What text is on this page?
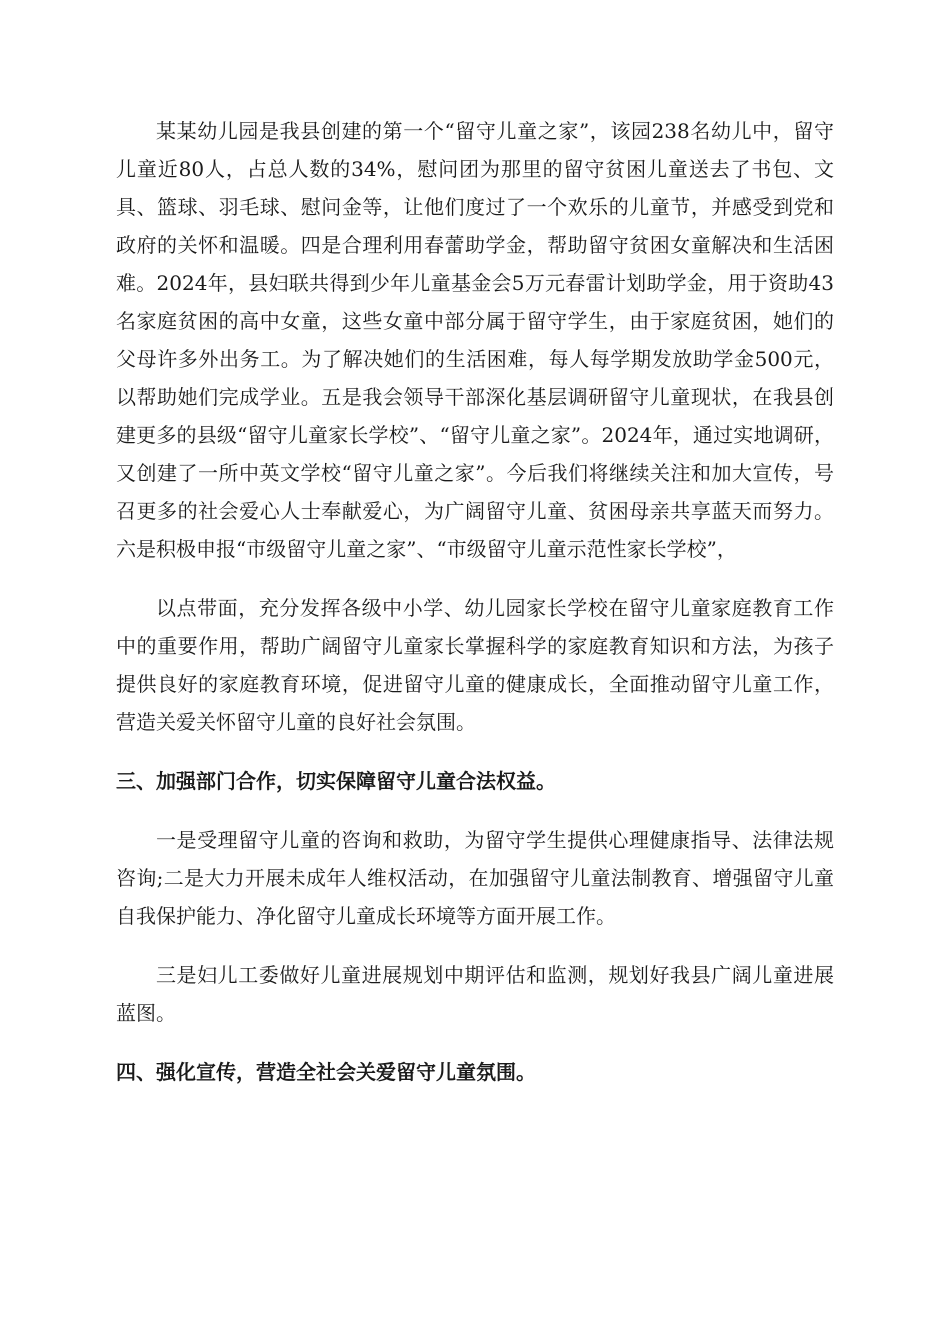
某某幼儿园是我县创建的第一个“留守儿童之家”，该园238名幼儿中，留守儿童近80人，占总人数的34%，慰问团为那里的留守贫困儿童送去了书包、文具、篮球、羽毛球、慰问金等，让他们度过了一个欢乐的儿童节，并感受到党和政府的关怀和温暖。四是合理利用春蕾助学金，帮助留守贫困女童解决和生活困难。2024年，县妇联共得到少年儿童基金会5万元春雷计划助学金，用于资助43名家庭贫困的高中女童，这些女童中部分属于留守学生，由于家庭贫困，她们的父母许多外出务工。为了解决她们的生活困难，每人每学期发放助学金500元，以帮助她们完成学业。五是我会领导干部深化基层调研留守儿童现状，在我县创建更多的县级“留守儿童家长学校”、“留守儿童之家”。2024年，通过实地调研，又创建了一所中英文学校“留守儿童之家”。今后我们将继续关注和加大宣传，号召更多的社会爱心人士奉献爱心，为广阔留守儿童、贫困母亲共享蓝天而努力。六是积极申报“市级留守儿童之家”、“市级留守儿童示范性家长学校”，

以点带面，充分发挥各级中小学、幼儿园家长学校在留守儿童家庭教育工作中的重要作用，帮助广阔留守儿童家长掌握科学的家庭教育知识和方法，为孩子提供良好的家庭教育环境，促进留守儿童的健康成长，全面推动留守儿童工作，营造关爱关怀留守儿童的良好社会氛围。

三、加强部门合作，切实保障留守儿童合法权益。

一是受理留守儿童的咨询和救助，为留守学生提供心理健康指导、法律法规咨询;二是大力开展未成年人维权活动，在加强留守儿童法制教育、增强留守儿童自我保护能力、净化留守儿童成长环境等方面开展工作。

三是妇儿工委做好儿童进展规划中期评估和监测，规划好我县广阔儿童进展蓝图。

四、强化宣传，营造全社会关爱留守儿童氛围。
